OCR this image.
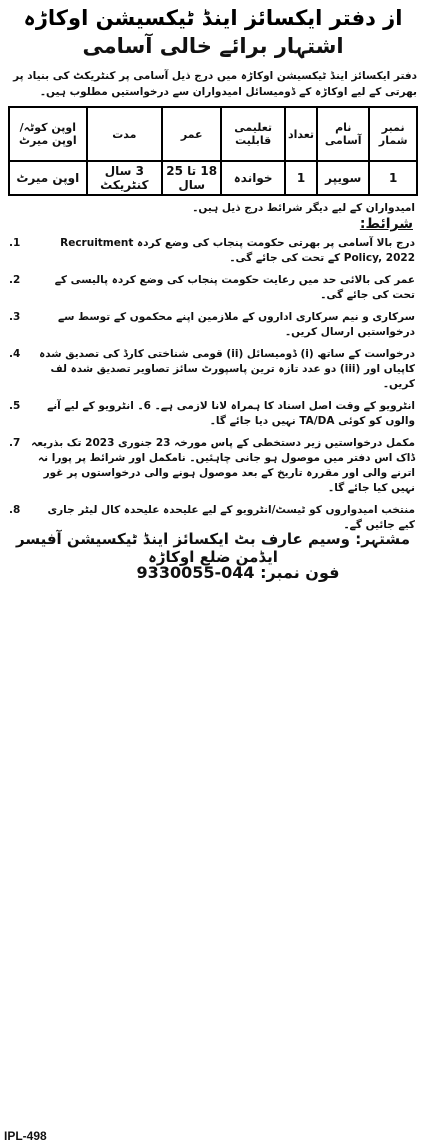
از دفتر ایکسائز اینڈ ٹیکسیشن اوکاڑہ
اشتہار برائے خالی آسامی
دفتر ایکسائز اینڈ ٹیکسیشن اوکاڑہ میں درج ذیل آسامی پر کنٹریکٹ کی بنیاد پر بھرتی کے لیے اوکاڑہ کے ڈومیسائل امیدواران سے درخواستیں مطلوب ہیں۔
نمبر شمار	نام آسامی	تعداد	تعلیمی قابلیت	عمر	مدت	اوپن کوٹہ/اوپن میرٹ
1	سویپر	1	خواندہ	18 تا 25 سال	3 سال کنٹریکٹ	اوپن میرٹ
امیدواران کے لیے دیگر شرائط درج ذیل ہیں۔
شرائط:
درج بالا آسامی پر بھرتی حکومت پنجاب کی وضع کردہ Recruitment Policy, 2022 کے تحت کی جائے گی۔
1.
عمر کی بالائی حد میں رعایت حکومت پنجاب کی وضع کردہ پالیسی کے تحت کی جائے گی۔
2.
سرکاری و نیم سرکاری اداروں کے ملازمین اپنے محکموں کے توسط سے درخواستیں ارسال کریں۔
3.
درخواست کے ساتھ (i) ڈومیسائل (ii) قومی شناختی کارڈ کی تصدیق شدہ کاپیاں اور (iii) دو عدد تازہ ترین پاسپورٹ سائز تصاویر تصدیق شدہ لف کریں۔
4.
انٹرویو کے وقت اصل اسناد کا ہمراہ لانا لازمی ہے۔ 6۔ انٹرویو کے لیے آنے والوں کو کوئی TA/DA نہیں دیا جائے گا۔
5.
مکمل درخواستیں زیر دستخطی کے پاس مورخہ 23 جنوری 2023 تک بذریعہ ڈاک اس دفتر میں موصول ہو جانی چاہئیں۔ نامکمل اور شرائط پر پورا نہ اترنے والی اور مقررہ تاریخ کے بعد موصول ہونے والی درخواستوں پر غور نہیں کیا جائے گا۔
7.
منتخب امیدواروں کو ٹیسٹ/انٹرویو کے لیے علیحدہ علیحدہ کال لیٹر جاری کیے جائیں گے۔
8.
مشتہر: وسیم عارف بٹ ایکسائز اینڈ ٹیکسیشن آفیسر ایڈمن ضلع اوکاڑہ
فون نمبر: 044-9330055
IPL-498
